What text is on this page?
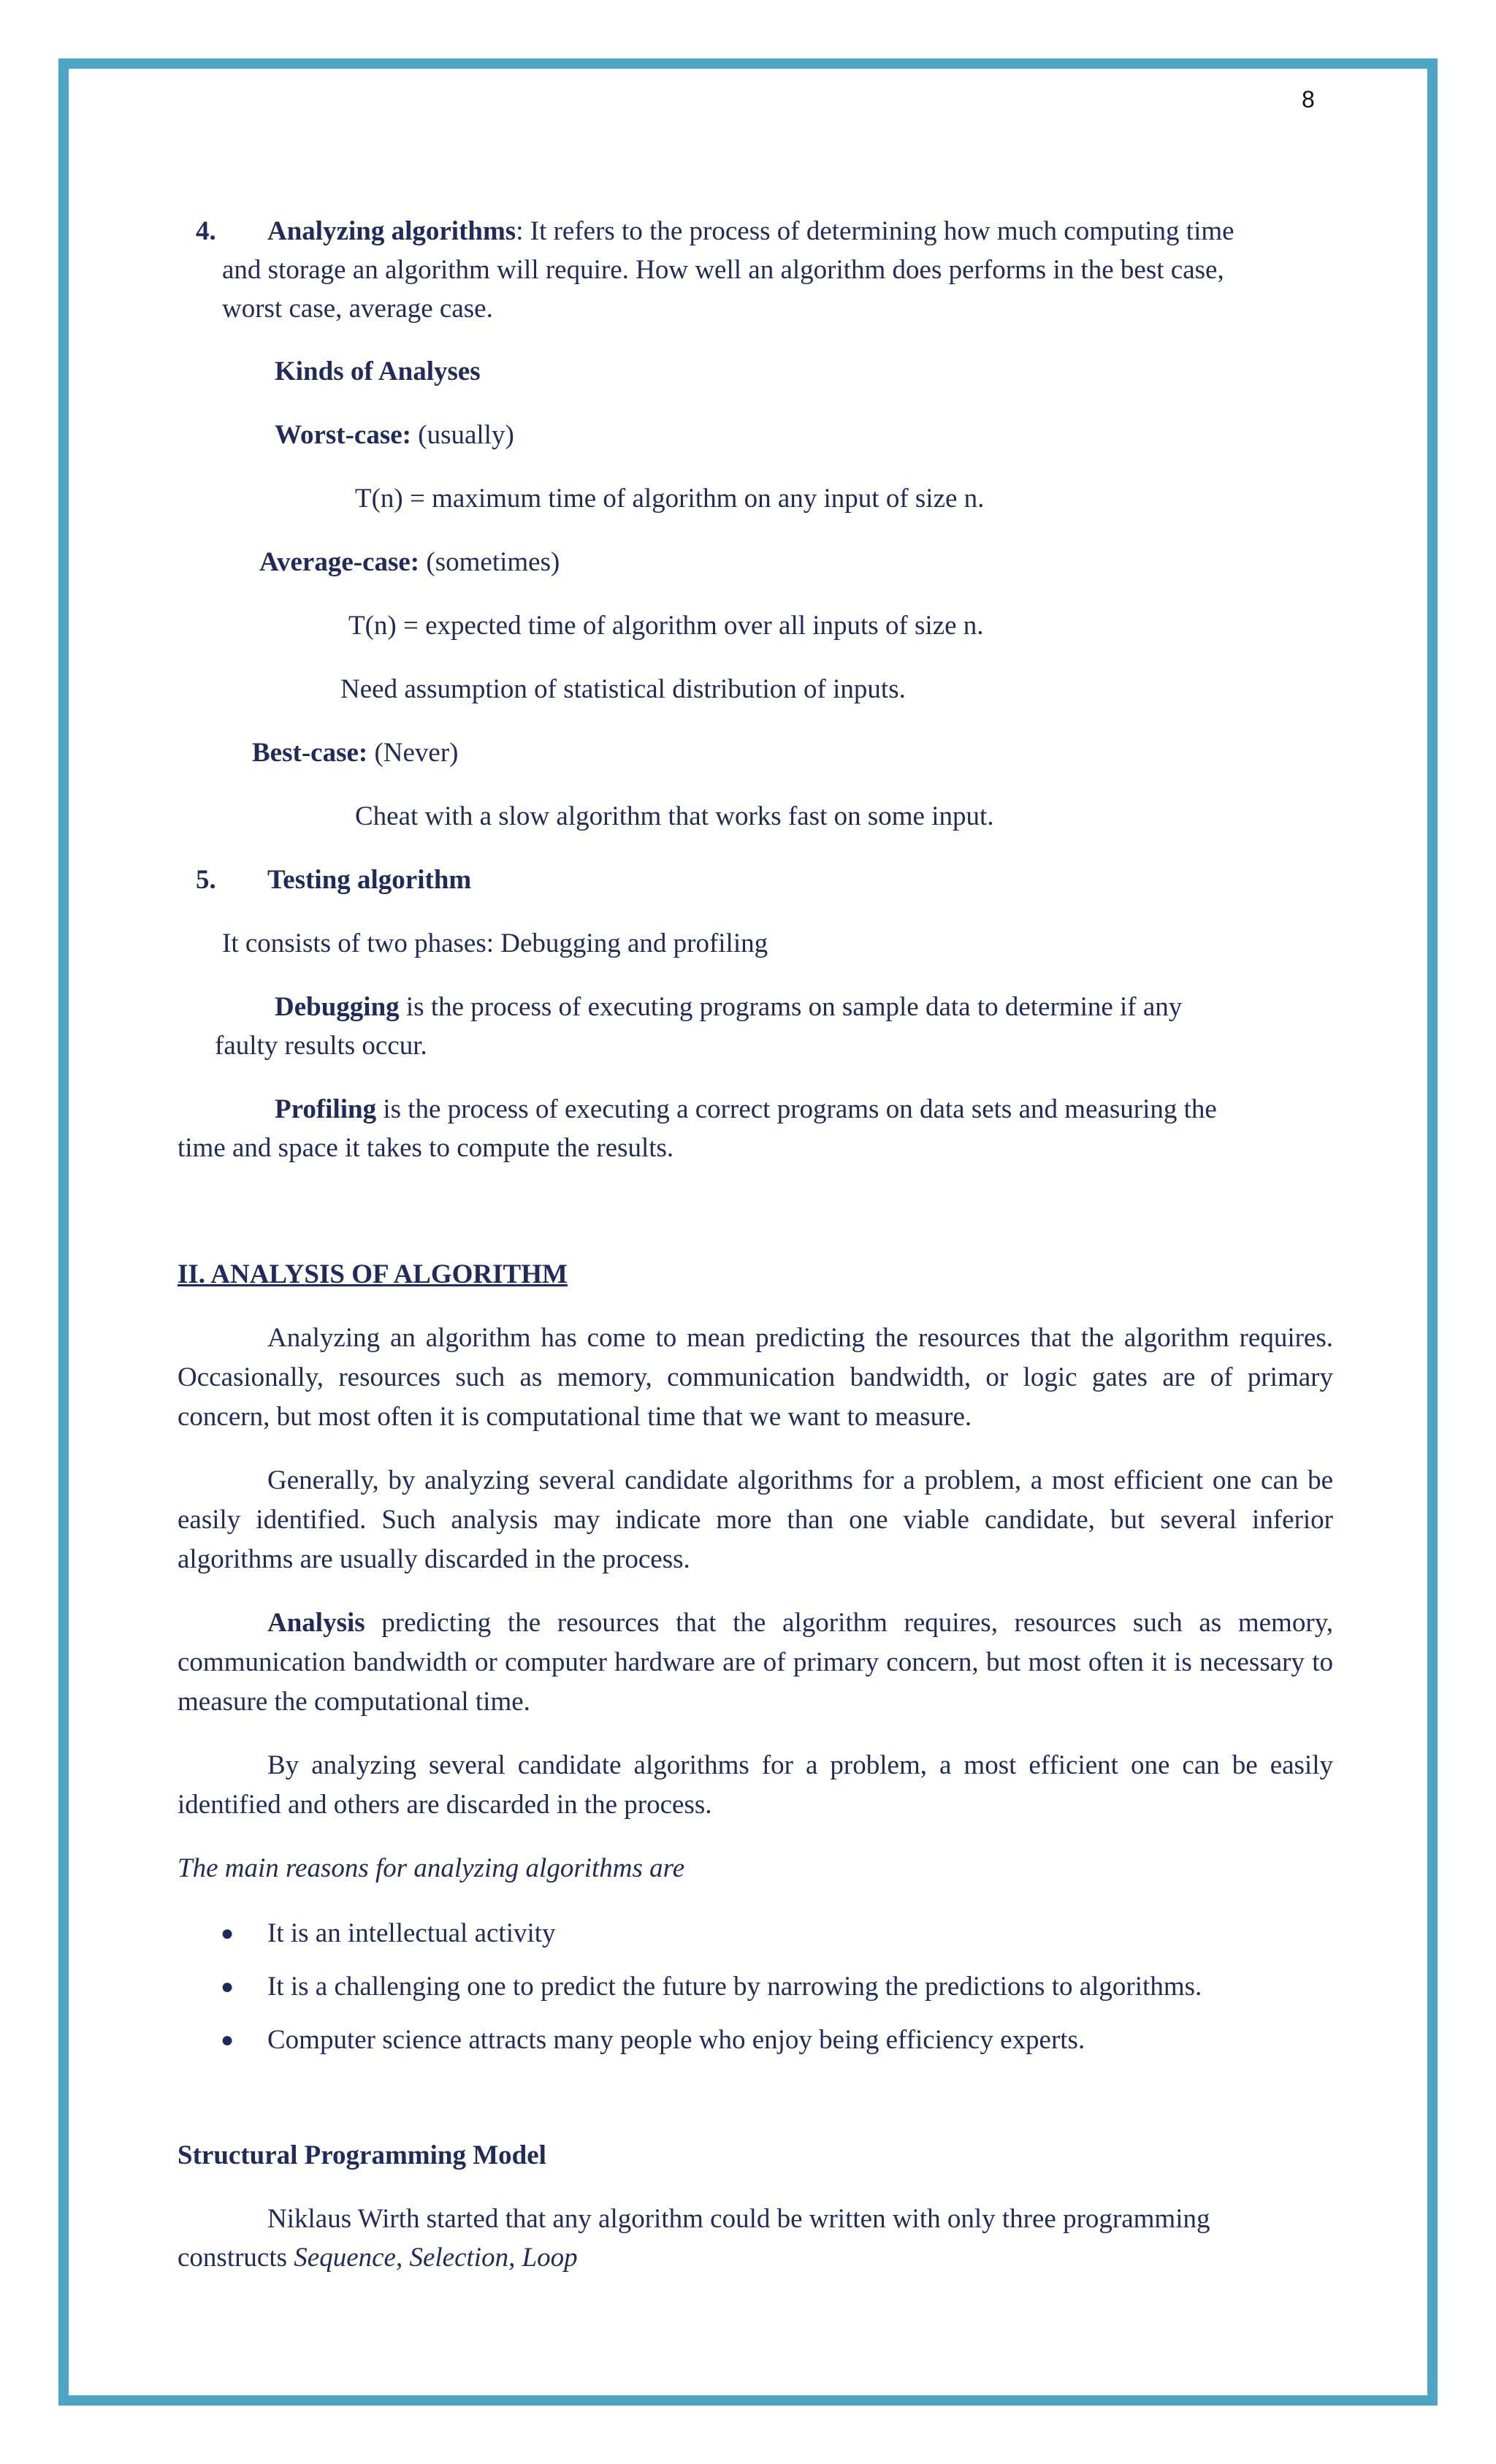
8
4. Analyzing algorithms: It refers to the process of determining how much computing time
and storage an algorithm will require. How well an algorithm does performs in the best case,
worst case, average case.
Kinds of Analyses
Worst-case: (usually)
T(n) = maximum time of algorithm on any input of size n.
Average-case: (sometimes)
T(n) = expected time of algorithm over all inputs of size n.
Need assumption of statistical distribution of inputs.
Best-case: (Never)
Cheat with a slow algorithm that works fast on some input.
5. Testing algorithm
It consists of two phases: Debugging and profiling
Debugging is the process of executing programs on sample data to determine if any
faulty results occur.
Profiling is the process of executing a correct programs on data sets and measuring the
time and space it takes to compute the results.
II. ANALYSIS OF ALGORITHM
Analyzing an algorithm has come to mean predicting the resources that the algorithm requires. Occasionally, resources such as memory, communication bandwidth, or logic gates are of primary concern, but most often it is computational time that we want to measure.
Generally, by analyzing several candidate algorithms for a problem, a most efficient one can be easily identified. Such analysis may indicate more than one viable candidate, but several inferior algorithms are usually discarded in the process.
Analysis predicting the resources that the algorithm requires, resources such as memory, communication bandwidth or computer hardware are of primary concern, but most often it is necessary to measure the computational time.
By analyzing several candidate algorithms for a problem, a most efficient one can be easily identified and others are discarded in the process.
The main reasons for analyzing algorithms are
● It is an intellectual activity
● It is a challenging one to predict the future by narrowing the predictions to algorithms.
● Computer science attracts many people who enjoy being efficiency experts.
Structural Programming Model
Niklaus Wirth started that any algorithm could be written with only three programming
constructs Sequence, Selection, Loop
